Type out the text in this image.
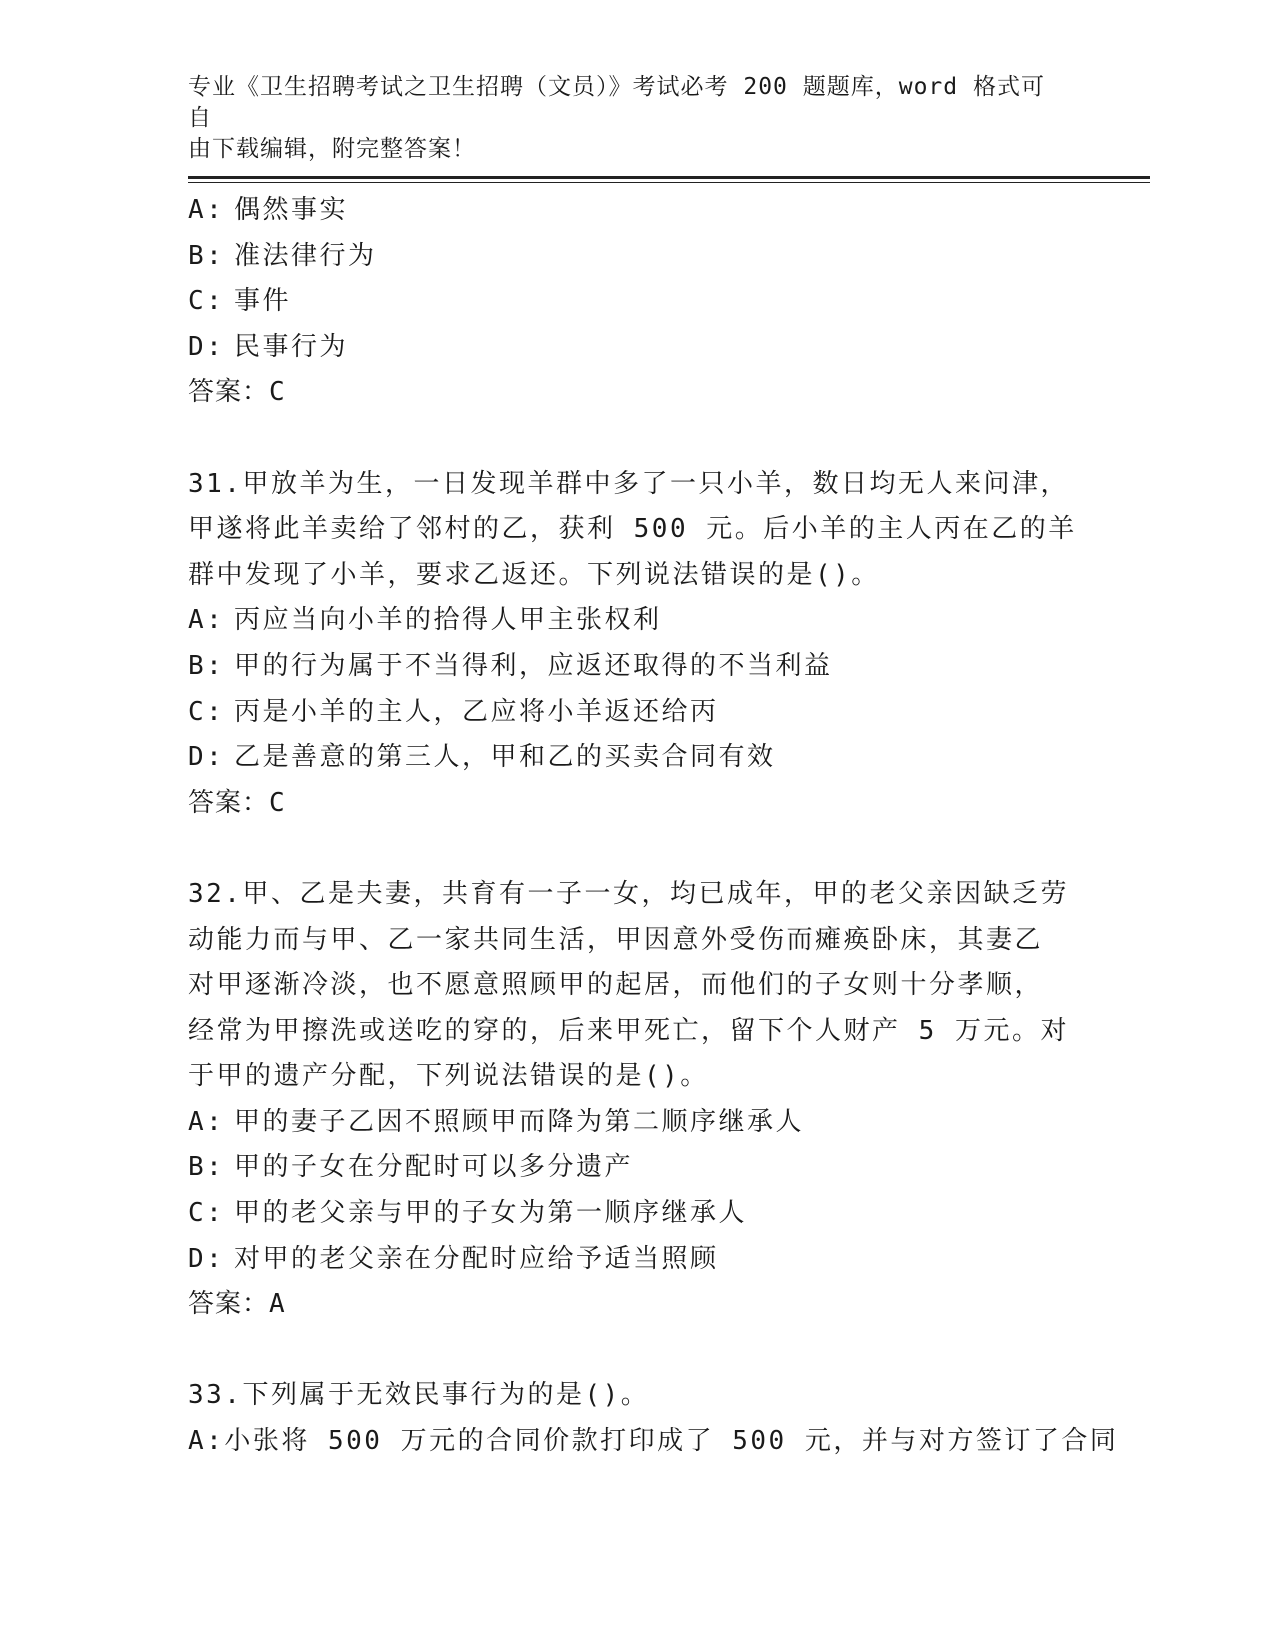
专业《卫生招聘考试之卫生招聘（文员）》考试必考 200 题题库，word 格式可自
由下载编辑，附完整答案！
A: 偶然事实
B: 准法律行为
C: 事件
D: 民事行为
答案：C
31.甲放羊为生，一日发现羊群中多了一只小羊，数日均无人来问津，
甲遂将此羊卖给了邻村的乙，获利 500 元。后小羊的主人丙在乙的羊
群中发现了小羊，要求乙返还。下列说法错误的是()。
A: 丙应当向小羊的拾得人甲主张权利
B: 甲的行为属于不当得利，应返还取得的不当利益
C: 丙是小羊的主人，乙应将小羊返还给丙
D: 乙是善意的第三人，甲和乙的买卖合同有效
答案：C
32.甲、乙是夫妻，共育有一子一女，均已成年，甲的老父亲因缺乏劳
动能力而与甲、乙一家共同生活，甲因意外受伤而瘫痪卧床，其妻乙
对甲逐渐冷淡，也不愿意照顾甲的起居，而他们的子女则十分孝顺，
经常为甲擦洗或送吃的穿的，后来甲死亡，留下个人财产 5 万元。对
于甲的遗产分配，下列说法错误的是()。
A: 甲的妻子乙因不照顾甲而降为第二顺序继承人
B: 甲的子女在分配时可以多分遗产
C: 甲的老父亲与甲的子女为第一顺序继承人
D: 对甲的老父亲在分配时应给予适当照顾
答案：A
33.下列属于无效民事行为的是()。
A: 小张将 500 万元的合同价款打印成了 500 元，并与对方签订了合同
